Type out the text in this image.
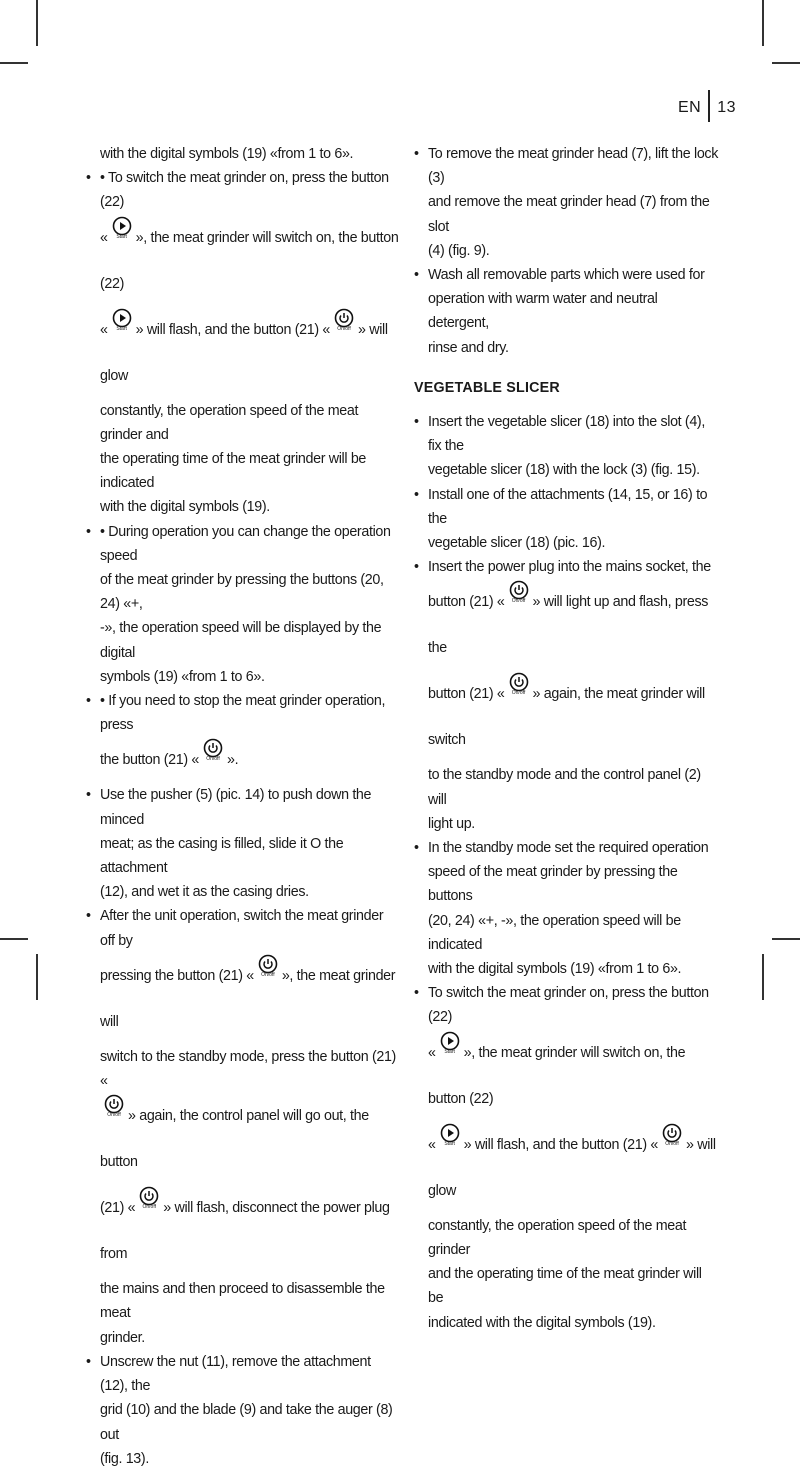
EN 13

with the digital symbols (19) «from 1 to 6».

• • To switch the meat grinder on, press the button (22)
«	Start », the meat grinder will switch on, the button (22)
«	Start » will flash, and the button (21) «	On/off » will glow
constantly, the operation speed of the meat grinder and
the operating time of the meat grinder will be indicated
with the digital symbols (19).
• • During operation you can change the operation speed
of the meat grinder by pressing the buttons (20, 24) «+,
-», the operation speed will be displayed by the digital
symbols (19) «from 1 to 6».
• • If you need to stop the meat grinder operation, press
the button (21) «	On/off ».
• Use the pusher (5) (pic. 14) to push down the minced
meat; as the casing is filled, slide it O the attachment
(12), and wet it as the casing dries.
• After the unit operation, switch the meat grinder off by
pressing the button (21) «	On/off », the meat grinder will
switch to the standby mode, press the button (21) «
On/off » again, the control panel will go out, the button
(21) «	On/off » will flash, disconnect the power plug from
the mains and then proceed to disassemble the meat
grinder.
• Unscrew the nut (11), remove the attachment (12), the
grid (10) and the blade (9) and take the auger (8) out
(fig. 13).
• To remove the meat grinder head (7), lift the lock (3)
and remove the meat grinder head (7) from the slot
(4) (fig. 9).
• Wash all removable parts which were used for
operation with warm water and neutral detergent,
rinse and dry.
VEGETABLE SLICER
• Insert the vegetable slicer (18) into the slot (4), fix the
vegetable slicer (18) with the lock (3) (fig. 15).
• Install one of the attachments (14, 15, or 16) to the
vegetable slicer (18) (pic. 16).
• Insert the power plug into the mains socket, the
button (21) «	On/off » will light up and flash, press the
button (21) «	On/off » again, the meat grinder will switch
to the standby mode and the control panel (2) will
light up.
• In the standby mode set the required operation
speed of the meat grinder by pressing the buttons
(20, 24) «+, -», the operation speed will be indicated
with the digital symbols (19) «from 1 to 6».
• To switch the meat grinder on, press the button (22)
«	Start », the meat grinder will switch on, the button (22)
«	Start » will flash, and the button (21) «	On/off » will glow
constantly, the operation speed of the meat grinder
and the operating time of the meat grinder will be
indicated with the digital symbols (19).
